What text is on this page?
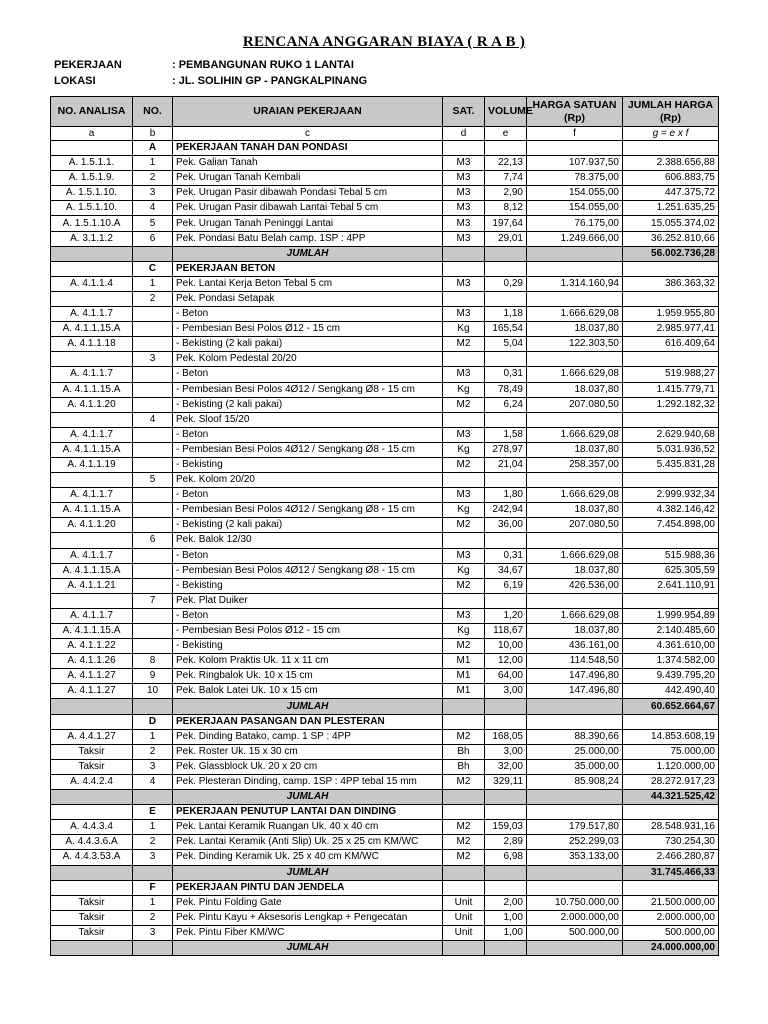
RENCANA ANGGARAN BIAYA ( R A B )
PEKERJAAN	: PEMBANGUNAN RUKO 1 LANTAI
LOKASI	: JL. SOLIHIN GP - PANGKALPINANG
NO. ANALISA	NO.	URAIAN PEKERJAAN	SAT.	VOLUME	HARGA SATUAN (Rp)	JUMLAH HARGA (Rp)
a	b	c	d	e	f	g = e x f
	A	PEKERJAAN TANAH DAN PONDASI				
A. 1.5.1.1.	1	Pek. Galian Tanah	M3	22,13	107.937,50	2.388.656,88
A. 1.5.1.9.	2	Pek. Urugan Tanah Kembali	M3	7,74	78.375,00	606.883,75
A. 1.5.1.10.	3	Pek. Urugan Pasir dibawah Pondasi Tebal 5 cm	M3	2,90	154.055,00	447.375,72
A. 1.5.1.10.	4	Pek. Urugan Pasir dibawah Lantai Tebal 5 cm	M3	8,12	154.055,00	1.251.635,25
A. 1.5.1.10.A	5	Pek. Urugan Tanah Peninggi Lantai	M3	197,64	76.175,00	15.055.374,02
A. 3.1.1.2	6	Pek. Pondasi Batu Belah camp. 1SP : 4PP	M3	29,01	1.249.666,00	36.252.810,66
		JUMLAH				56.002.736,28
	C	PEKERJAAN BETON				
A. 4.1.1.4	1	Pek. Lantai Kerja Beton Tebal 5 cm	M3	0,29	1.314.160,94	386.363,32
	2	Pek. Pondasi Setapak				
A. 4.1.1.7		- Beton	M3	1,18	1.666.629,08	1.959.955,80
A. 4.1.1.15.A		- Pembesian Besi Polos Ø12 - 15 cm	Kg	165,54	18.037,80	2.985.977,41
A. 4.1.1.18		- Bekisting (2 kali pakai)	M2	5,04	122.303,50	616.409,64
	3	Pek. Kolom Pedestal 20/20				
A. 4.1.1.7		- Beton	M3	0,31	1.666.629,08	519.988,27
A. 4.1.1.15.A		- Pembesian Besi Polos 4Ø12 / Sengkang Ø8 - 15 cm	Kg	78,49	18.037,80	1.415.779,71
A. 4.1.1.20		- Bekisting (2 kali pakai)	M2	6,24	207.080,50	1.292.182,32
	4	Pek. Sloof 15/20				
A. 4.1.1.7		- Beton	M3	1,58	1.666.629,08	2.629.940,68
A. 4.1.1.15.A		- Pembesian Besi Polos 4Ø12 / Sengkang Ø8 - 15 cm	Kg	278,97	18.037,80	5.031.936,52
A. 4.1.1.19		- Bekisting	M2	21,04	258.357,00	5.435.831,28
	5	Pek. Kolom 20/20				
A. 4.1.1.7		- Beton	M3	1,80	1.666.629,08	2.999.932,34
A. 4.1.1.15.A		- Pembesian Besi Polos 4Ø12 / Sengkang Ø8 - 15 cm	Kg	242,94	18.037,80	4.382.146,42
A. 4.1.1.20		- Bekisting (2 kali pakai)	M2	36,00	207.080,50	7.454.898,00
	6	Pek. Balok 12/30				
A. 4.1.1.7		- Beton	M3	0,31	1.666.629,08	515.988,36
A. 4.1.1.15.A		- Pembesian Besi Polos 4Ø12 / Sengkang Ø8 - 15 cm	Kg	34,67	18.037,80	625.305,59
A. 4.1.1.21		- Bekisting	M2	6,19	426.536,00	2.641.110,91
	7	Pek. Plat Duiker				
A. 4.1.1.7		- Beton	M3	1,20	1.666.629,08	1.999.954,89
A. 4.1.1.15.A		- Pembesian Besi Polos Ø12 - 15 cm	Kg	118,67	18.037,80	2.140.485,60
A. 4.1.1.22		- Bekisting	M2	10,00	436.161,00	4.361.610,00
A. 4.1.1.26	8	Pek. Kolom Praktis Uk. 11 x 11 cm	M1	12,00	114.548,50	1.374.582,00
A. 4.1.1.27	9	Pek. Ringbalok Uk. 10 x 15 cm	M1	64,00	147.496,80	9.439.795,20
A. 4.1.1.27	10	Pek. Balok Latei Uk. 10 x 15 cm	M1	3,00	147.496,80	442.490,40
		JUMLAH				60.652.664,67
	D	PEKERJAAN PASANGAN DAN PLESTERAN				
A. 4.4.1.27	1	Pek. Dinding Batako, camp. 1 SP : 4PP	M2	168,05	88.390,66	14.853.608,19
Taksir	2	Pek. Roster Uk. 15 x 30 cm	Bh	3,00	25.000,00	75.000,00
Taksir	3	Pek. Glassblock Uk. 20 x 20 cm	Bh	32,00	35.000,00	1.120.000,00
A. 4.4.2.4	4	Pek. Plesteran Dinding, camp. 1SP : 4PP tebal 15 mm	M2	329,11	85.908,24	28.272.917,23
		JUMLAH				44.321.525,42
	E	PEKERJAAN PENUTUP LANTAI DAN DINDING				
A. 4.4.3.4	1	Pek. Lantai Keramik Ruangan Uk. 40 x 40 cm	M2	159,03	179.517,80	28.548.931,16
A. 4.4.3.6.A	2	Pek. Lantai Keramik (Anti Slip) Uk. 25 x 25 cm KM/WC	M2	2,89	252.299,03	730.254,30
A. 4.4.3.53.A	3	Pek. Dinding Keramik Uk. 25 x 40 cm KM/WC	M2	6,98	353.133,00	2.466.280,87
		JUMLAH				31.745.466,33
	F	PEKERJAAN PINTU DAN JENDELA				
Taksir	1	Pek. Pintu Folding Gate	Unit	2,00	10.750.000,00	21.500.000,00
Taksir	2	Pek. Pintu Kayu + Aksesoris Lengkap + Pengecatan	Unit	1,00	2.000.000,00	2.000.000,00
Taksir	3	Pek. Pintu Fiber KM/WC	Unit	1,00	500.000,00	500.000,00
		JUMLAH				24.000.000,00
